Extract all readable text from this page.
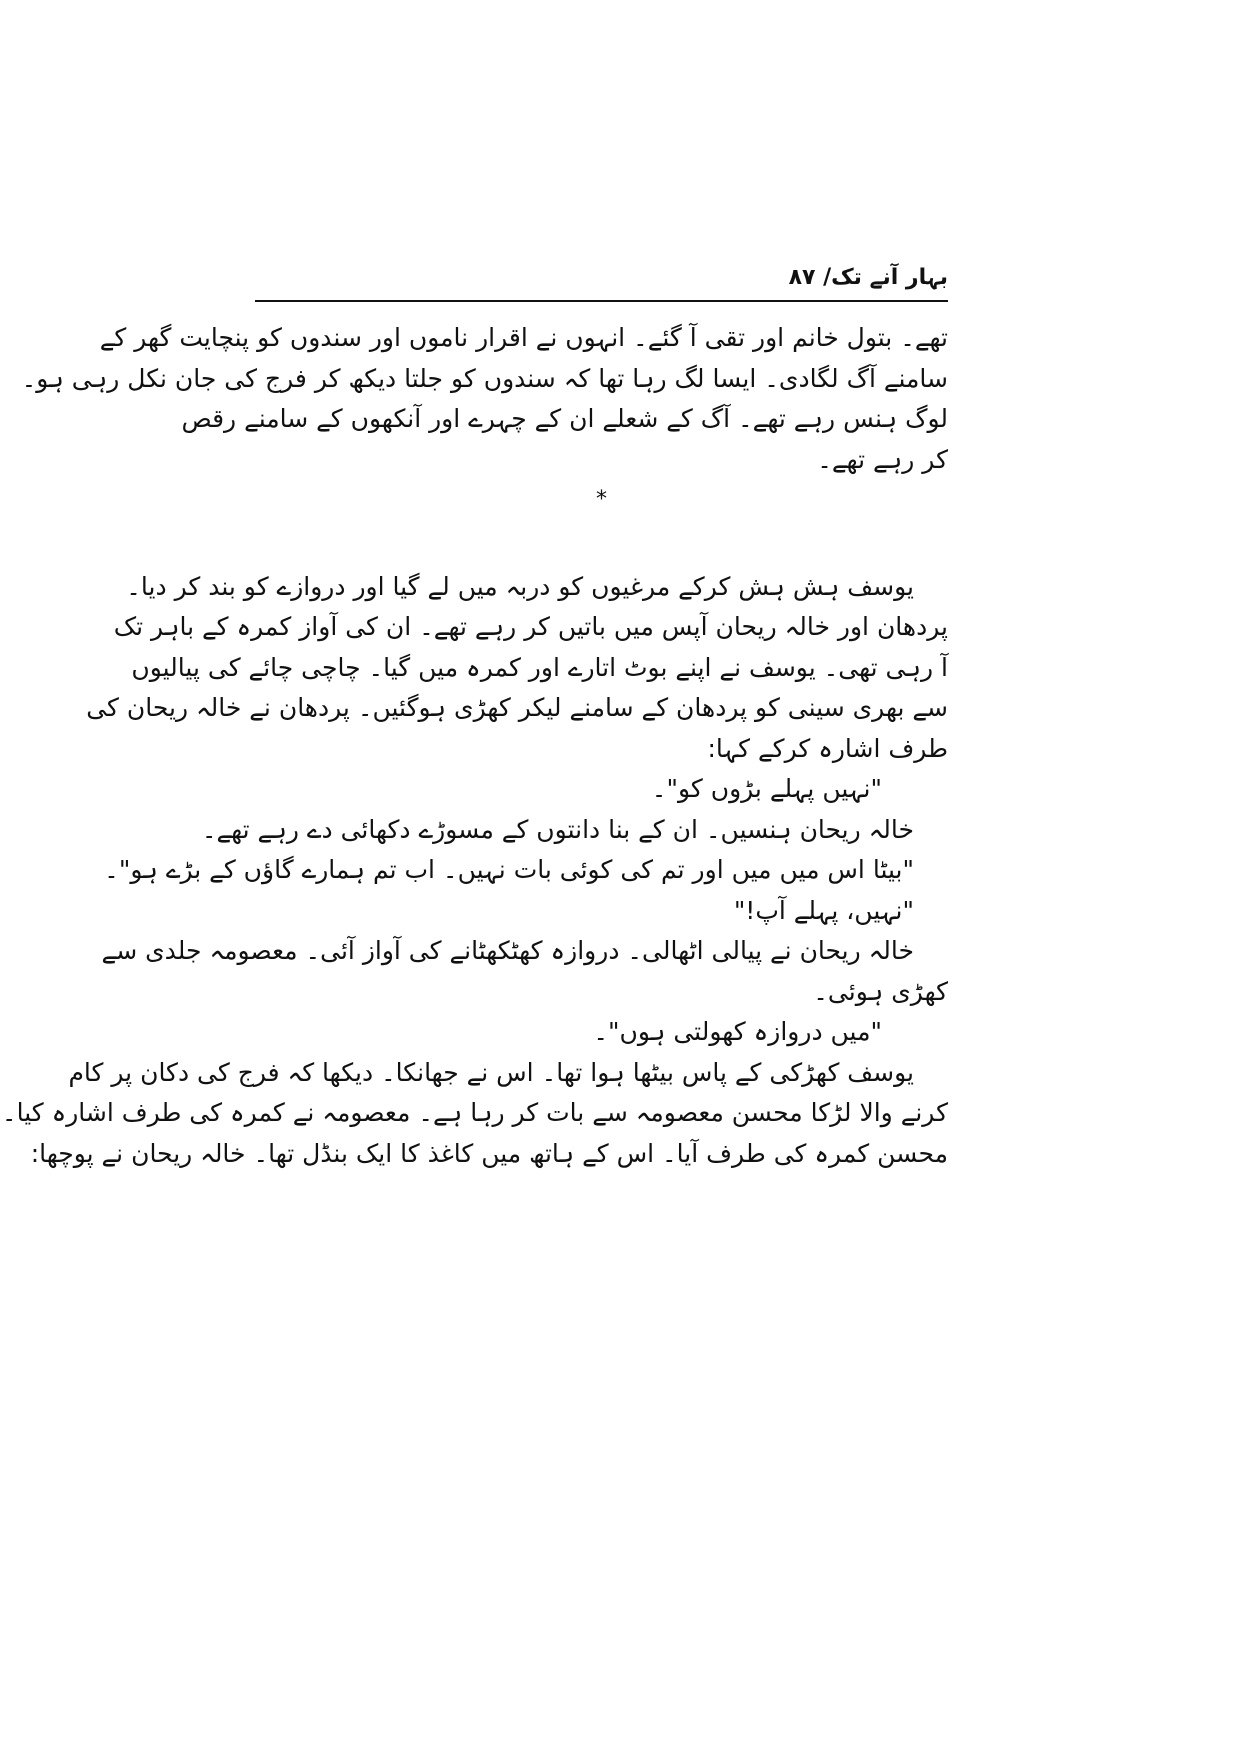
بہار آنے تک/ ۸۷
تھے۔ بتول خانم اور تقی آ گئے۔ انہوں نے اقرار ناموں اور سندوں کو پنچایت گھر کے
سامنے آگ لگادی۔ ایسا لگ رہا تھا کہ سندوں کو جلتا دیکھ کر فرج کی جان نکل رہی ہو۔
لوگ ہنس رہے تھے۔ آگ کے شعلے ان کے چہرے اور آنکھوں کے سامنے رقص
کر رہے تھے۔
*
یوسف ہش ہش کرکے مرغیوں کو دربہ میں لے گیا اور دروازے کو بند کر دیا۔
پردھان اور خالہ ریحان آپس میں باتیں کر رہے تھے۔ ان کی آواز کمرہ کے باہر تک
آ رہی تھی۔ یوسف نے اپنے بوٹ اتارے اور کمرہ میں گیا۔ چاچی چائے کی پیالیوں
سے بھری سینی کو پردھان کے سامنے لیکر کھڑی ہوگئیں۔ پردھان نے خالہ ریحان کی
طرف اشارہ کرکے کہا:
"نہیں پہلے بڑوں کو"۔
خالہ ریحان ہنسیں۔ ان کے بنا دانتوں کے مسوڑے دکھائی دے رہے تھے۔
"بیٹا اس میں میں اور تم کی کوئی بات نہیں۔ اب تم ہمارے گاؤں کے بڑے ہو"۔
"نہیں، پہلے آپ!"
خالہ ریحان نے پیالی اٹھالی۔ دروازہ کھٹکھٹانے کی آواز آئی۔ معصومہ جلدی سے
کھڑی ہوئی۔
"میں دروازہ کھولتی ہوں"۔
یوسف کھڑکی کے پاس بیٹھا ہوا تھا۔ اس نے جھانکا۔ دیکھا کہ فرج کی دکان پر کام
کرنے والا لڑکا محسن معصومہ سے بات کر رہا ہے۔ معصومہ نے کمرہ کی طرف اشارہ کیا۔
محسن کمرہ کی طرف آیا۔ اس کے ہاتھ میں کاغذ کا ایک بنڈل تھا۔ خالہ ریحان نے پوچھا:
